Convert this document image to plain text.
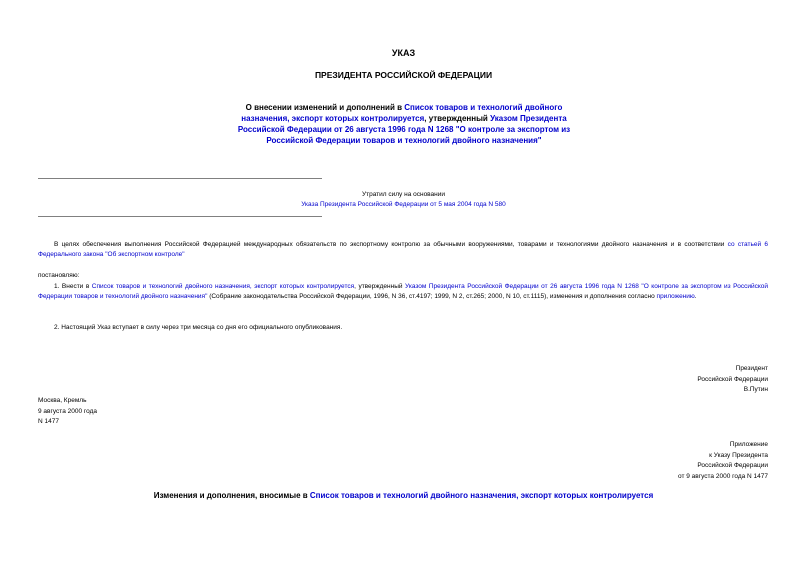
УКАЗ
ПРЕЗИДЕНТА РОССИЙСКОЙ ФЕДЕРАЦИИ
О внесении изменений и дополнений в Список товаров и технологий двойного назначения, экспорт которых контролируется, утвержденный Указом Президента Российской Федерации от 26 августа 1996 года N 1268 "О контроле за экспортом из Российской Федерации товаров и технологий двойного назначения"
Утратил силу на основании
Указа Президента Российской Федерации от 5 мая 2004 года N 580
В целях обеспечения выполнения Российской Федерацией международных обязательств по экспортному контролю за обычными вооружениями, товарами и технологиями двойного назначения и в соответствии со статьей 6 Федерального закона "Об экспортном контроле"
постановляю:
1. Внести в Список товаров и технологий двойного назначения, экспорт которых контролируется, утвержденный Указом Президента Российской Федерации от 26 августа 1996 года N 1268 "О контроле за экспортом из Российской Федерации товаров и технологий двойного назначения" (Собрание законодательства Российской Федерации, 1996, N 36, ст.4197; 1999, N 2, ст.265; 2000, N 10, ст.1115), изменения и дополнения согласно приложению.
2. Настоящий Указ вступает в силу через три месяца со дня его официального опубликования.
Президент
Российской Федерации
В.Путин
Москва, Кремль
9 августа 2000 года
N 1477
Приложение
к Указу Президента
Российской Федерации
от 9 августа 2000 года N 1477
Изменения и дополнения, вносимые в Список товаров и технологий двойного назначения, экспорт которых контролируется
